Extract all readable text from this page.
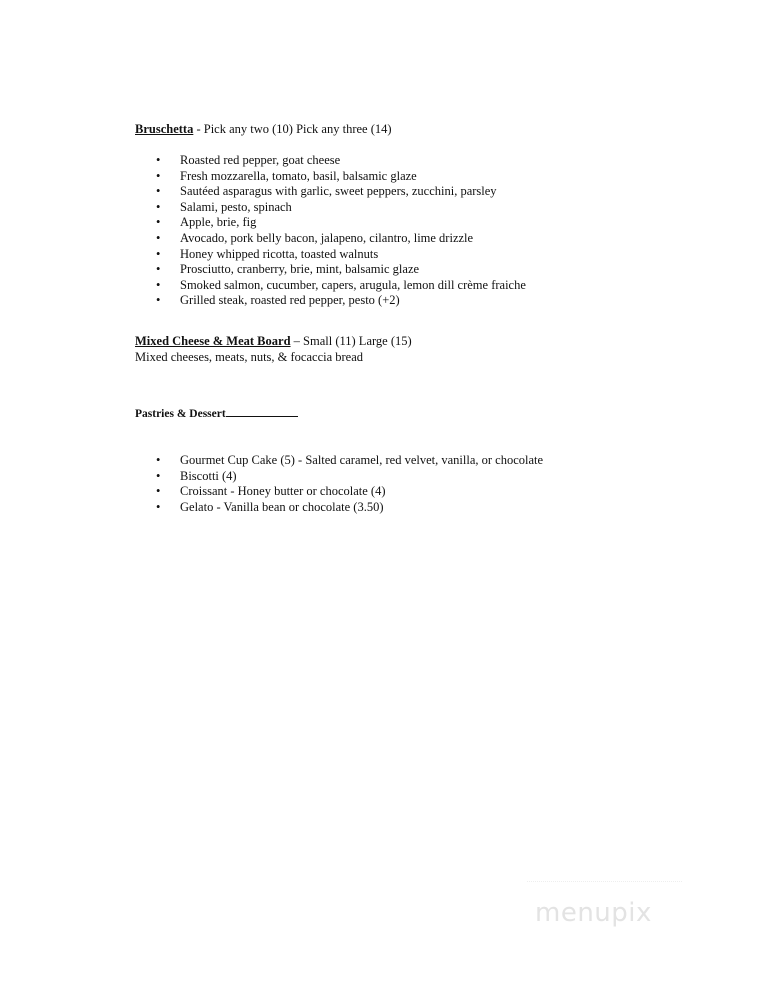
Bruschetta - Pick any two (10) Pick any three (14)
• Roasted red pepper, goat cheese
• Fresh mozzarella, tomato, basil, balsamic glaze
• Sautéed asparagus with garlic, sweet peppers, zucchini, parsley
• Salami, pesto, spinach
• Apple, brie, fig
• Avocado, pork belly bacon, jalapeno, cilantro, lime drizzle
• Honey whipped ricotta, toasted walnuts
• Prosciutto, cranberry, brie, mint, balsamic glaze
• Smoked salmon, cucumber, capers, arugula, lemon dill crème fraiche
• Grilled steak, roasted red pepper, pesto (+2)
Mixed Cheese & Meat Board – Small (11) Large (15)
Mixed cheeses, meats, nuts, & focaccia bread
Pastries & Dessert
• Gourmet Cup Cake (5) - Salted caramel, red velvet, vanilla, or chocolate
• Biscotti (4)
• Croissant - Honey butter or chocolate (4)
• Gelato - Vanilla bean or chocolate (3.50)
menupix
